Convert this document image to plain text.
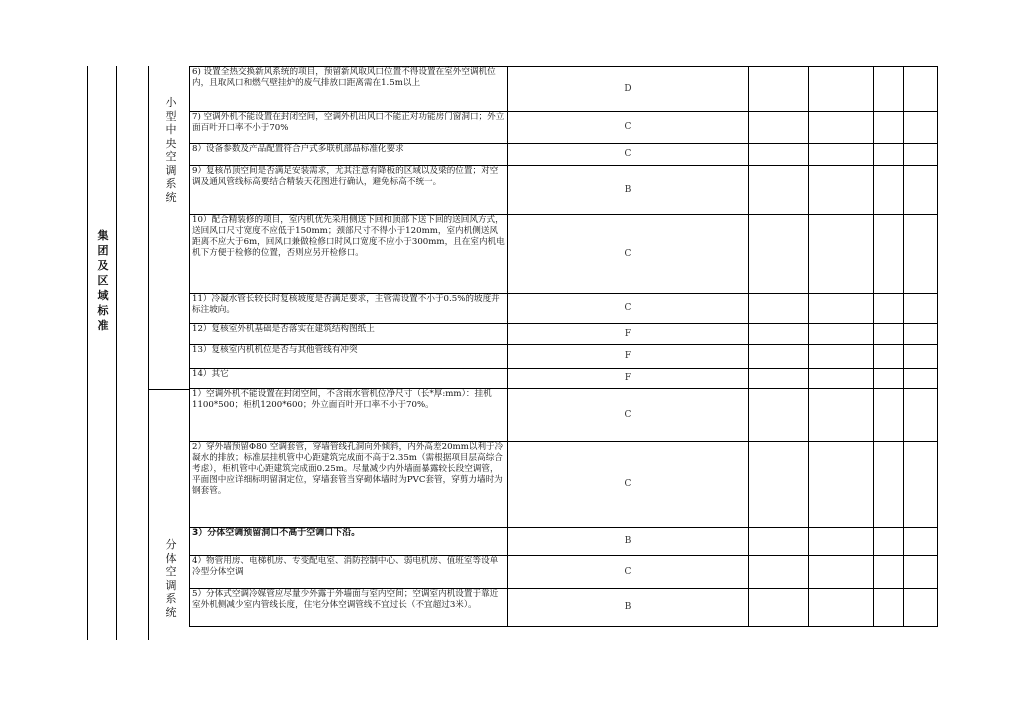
集
团
及
区
域
标
准
小
型
中
央
空
调
系
统
分
体
空
调
系
统
6) 设置全热交换新风系统的项目，预留新风取风口位置不得设置在室外空调机位内，且取风口和燃气壁挂炉的废气排放口距离需在1.5m以上	D				

7) 空调外机不能设置在封闭空间，空调外机出风口不能正对功能房门窗洞口；外立面百叶开口率不小于70%	C				

8）设备参数及产品配置符合户式多联机部品标准化要求	C				

9）复核吊顶空间是否满足安装需求，尤其注意有降板的区域以及梁的位置；对空调及通风管线标高要结合精装天花图进行确认，避免标高不统一。	B				

10）配合精装修的项目，室内机优先采用侧送下回和顶部下送下回的送回风方式，送回风口尺寸宽度不应低于150mm；颈部尺寸不得小于120mm，室内机侧送风距离不应大于6m，回风口兼做检修口时风口宽度不应小于300mm，且在室内机电机下方便于检修的位置，否则应另开检修口。	C				

11）冷凝水管长较长时复核坡度是否满足要求，主管需设置不小于0.5%的坡度并标注坡向。	C				

12）复核室外机基础是否落实在建筑结构图纸上	F				

13）复核室内机机位是否与其他管线有冲突	F				

14）其它	F				

1）空调外机不能设置在封闭空间，不含雨水管机位净尺寸（长*厚:mm）：挂机1100*500；柜机1200*600；外立面百叶开口率不小于70%。	C				

2）穿外墙预留Φ80 空调套管，穿墙管线孔洞向外倾斜，内外高差20mm以利于冷凝水的排放；标准层挂机管中心距建筑完成面不高于2.35m（需根据项目层高综合考虑），柜机管中心距建筑完成面0.25m。尽量减少内外墙面暴露较长段空调管，平面图中应详细标明留洞定位，穿墙套管当穿砌体墙时为PVC套管，穿剪力墙时为钢套管。	C				

3）分体空调预留洞口不高于空调口下沿。	B				

4）物管用房、电梯机房、专变配电室、消防控制中心、弱电机房、值班室等设单冷型分体空调	C				

5）分体式空调冷媒管应尽量少外露于外墙面与室内空间；空调室内机设置于靠近室外机侧减少室内管线长度，住宅分体空调管线不宜过长（不宜超过3米）。	B				
